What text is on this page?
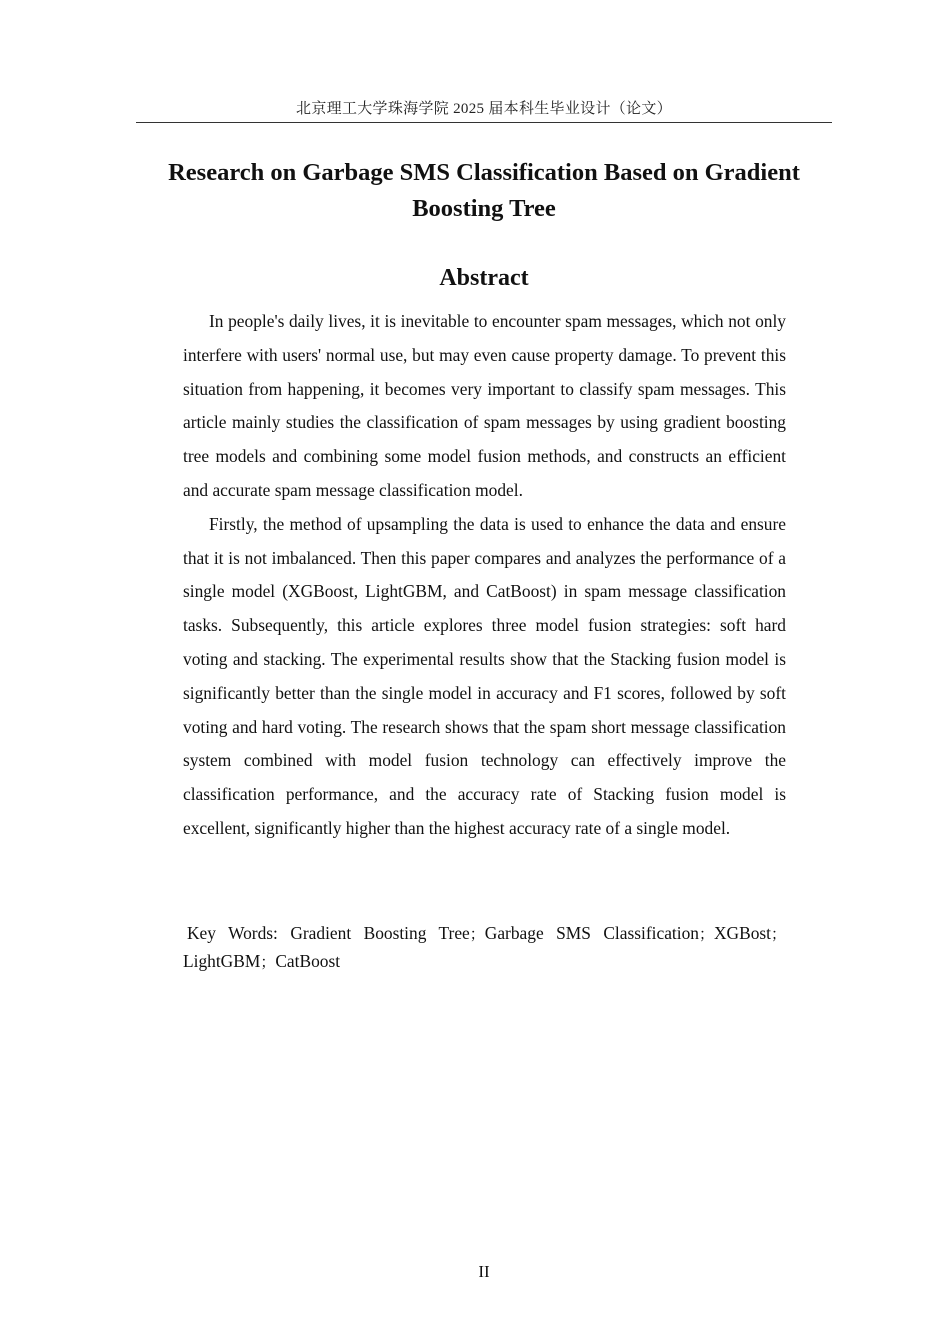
北京理工大学珠海学院 2025 届本科生毕业设计（论文）
Research on Garbage SMS Classification Based on Gradient Boosting Tree
Abstract

In people's daily lives, it is inevitable to encounter spam messages, which not only interfere with users' normal use, but may even cause property damage. To prevent this situation from happening, it becomes very important to classify spam messages. This article mainly studies the classification of spam messages by using gradient boosting tree models and combining some model fusion methods, and constructs an efficient and accurate spam message classification model.

Firstly, the method of upsampling the data is used to enhance the data and ensure that it is not imbalanced. Then this paper compares and analyzes the performance of a single model (XGBoost, LightGBM, and CatBoost) in spam message classification tasks. Subsequently, this article explores three model fusion strategies: soft hard voting and stacking. The experimental results show that the Stacking fusion model is significantly better than the single model in accuracy and F1 scores, followed by soft voting and hard voting. The research shows that the spam short message classification system combined with model fusion technology can effectively improve the classification performance, and the accuracy rate of Stacking fusion model is excellent, significantly higher than the highest accuracy rate of a single model.

Key Words: Gradient Boosting Tree；Garbage SMS Classification；XGBost；LightGBM；CatBoost
II
